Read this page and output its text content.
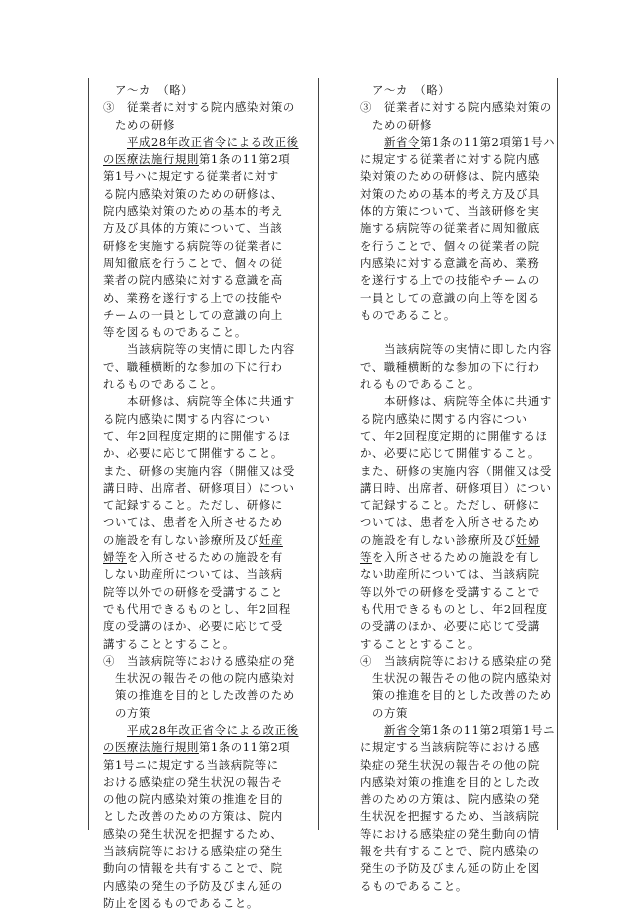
　ア～カ　（略）
③　従業者に対する院内感染対策の
　ための研修
　　平成28年改正省令による改正後
の医療法施行規則第1条の11第2項
第1号ハに規定する従業者に対す
る院内感染対策のための研修は、
院内感染対策のための基本的考え
方及び具体的方策について、当該
研修を実施する病院等の従業者に
周知徹底を行うことで、個々の従
業者の院内感染に対する意識を高
め、業務を遂行する上での技能や
チームの一員としての意識の向上
等を図るものであること。
　　当該病院等の実情に即した内容
で、職種横断的な参加の下に行わ
れるものであること。
　　本研修は、病院等全体に共通す
る院内感染に関する内容につい
て、年2回程度定期的に開催するほ
か、必要に応じて開催すること。
また、研修の実施内容（開催又は受
講日時、出席者、研修項目）につい
て記録すること。ただし、研修に
ついては、患者を入所させるため
の施設を有しない診療所及び妊産
婦等を入所させるための施設を有
しない助産所については、当該病
院等以外での研修を受講すること
でも代用できるものとし、年2回程
度の受講のほか、必要に応じて受
講することとすること。
④　当該病院等における感染症の発
　生状況の報告その他の院内感染対
　策の推進を目的とした改善のため
　の方策
　　平成28年改正省令による改正後
の医療法施行規則第1条の11第2項
第1号ニに規定する当該病院等に
おける感染症の発生状況の報告そ
の他の院内感染対策の推進を目的
とした改善のための方策は、院内
感染の発生状況を把握するため、
当該病院等における感染症の発生
動向の情報を共有することで、院
内感染の発生の予防及びまん延の
防止を図るものであること。
　ア～カ　（略）
③　従業者に対する院内感染対策の
　ための研修
　　新省令第1条の11第2項第1号ハ
に規定する従業者に対する院内感
染対策のための研修は、院内感染
対策のための基本的考え方及び具
体的方策について、当該研修を実
施する病院等の従業者に周知徹底
を行うことで、個々の従業者の院
内感染に対する意識を高め、業務
を遂行する上での技能やチームの
一員としての意識の向上等を図る
ものであること。
　　当該病院等の実情に即した内容
で、職種横断的な参加の下に行わ
れるものであること。
　　本研修は、病院等全体に共通す
る院内感染に関する内容につい
て、年2回程度定期的に開催するほ
か、必要に応じて開催すること。
また、研修の実施内容（開催又は受
講日時、出席者、研修項目）につい
て記録すること。ただし、研修に
ついては、患者を入所させるため
の施設を有しない診療所及び妊婦
等を入所させるための施設を有し
ない助産所については、当該病院
等以外での研修を受講することで
も代用できるものとし、年2回程度
の受講のほか、必要に応じて受講
することとすること。
④　当該病院等における感染症の発
　生状況の報告その他の院内感染対
　策の推進を目的とした改善のため
　の方策
　　新省令第1条の11第2項第1号ニ
に規定する当該病院等における感
染症の発生状況の報告その他の院
内感染対策の推進を目的とした改
善のための方策は、院内感染の発
生状況を把握するため、当該病院
等における感染症の発生動向の情
報を共有することで、院内感染の
発生の予防及びまん延の防止を図
るものであること。
